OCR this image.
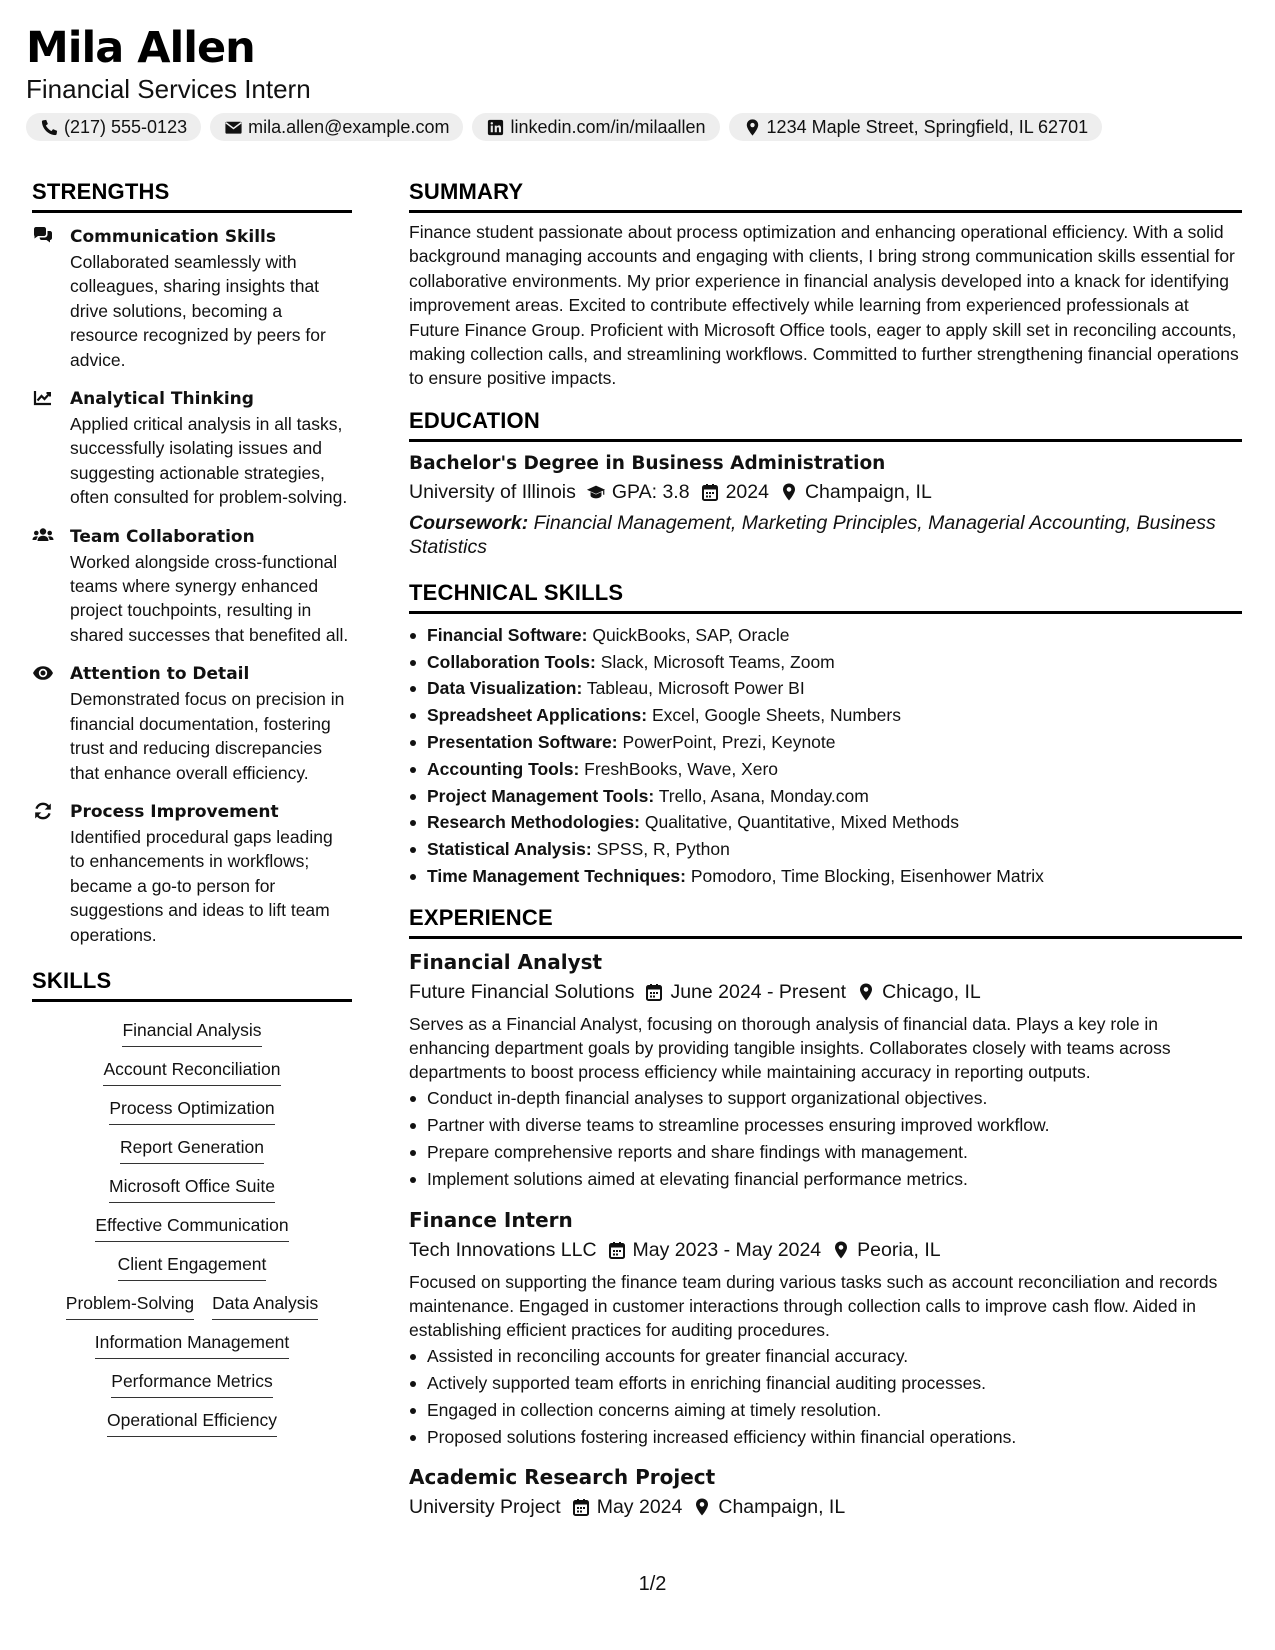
Mila Allen
Financial Services Intern
(217) 555-0123	mila.allen@example.com	linkedin.com/in/milaallen	1234 Maple Street, Springfield, IL 62701
STRENGTHS
Communication Skills
Collaborated seamlessly with colleagues, sharing insights that drive solutions, becoming a resource recognized by peers for advice.
Analytical Thinking
Applied critical analysis in all tasks, successfully isolating issues and suggesting actionable strategies, often consulted for problem-solving.
Team Collaboration
Worked alongside cross-functional teams where synergy enhanced project touchpoints, resulting in shared successes that benefited all.
Attention to Detail
Demonstrated focus on precision in financial documentation, fostering trust and reducing discrepancies that enhance overall efficiency.
Process Improvement
Identified procedural gaps leading to enhancements in workflows; became a go-to person for suggestions and ideas to lift team operations.
SKILLS
Financial Analysis
Account Reconciliation
Process Optimization
Report Generation
Microsoft Office Suite
Effective Communication
Client Engagement
Problem-Solving Data Analysis
Information Management
Performance Metrics
Operational Efficiency
SUMMARY
Finance student passionate about process optimization and enhancing operational efficiency. With a solid background managing accounts and engaging with clients, I bring strong communication skills essential for collaborative environments. My prior experience in financial analysis developed into a knack for identifying improvement areas. Excited to contribute effectively while learning from experienced professionals at Future Finance Group. Proficient with Microsoft Office tools, eager to apply skill set in reconciling accounts, making collection calls, and streamlining workflows. Committed to further strengthening financial operations to ensure positive impacts.
EDUCATION
Bachelor's Degree in Business Administration
University of Illinois GPA: 3.8 2024 Champaign, IL
Coursework: Financial Management, Marketing Principles, Managerial Accounting, Business Statistics
TECHNICAL SKILLS
Financial Software: QuickBooks, SAP, Oracle
Collaboration Tools: Slack, Microsoft Teams, Zoom
Data Visualization: Tableau, Microsoft Power BI
Spreadsheet Applications: Excel, Google Sheets, Numbers
Presentation Software: PowerPoint, Prezi, Keynote
Accounting Tools: FreshBooks, Wave, Xero
Project Management Tools: Trello, Asana, Monday.com
Research Methodologies: Qualitative, Quantitative, Mixed Methods
Statistical Analysis: SPSS, R, Python
Time Management Techniques: Pomodoro, Time Blocking, Eisenhower Matrix
EXPERIENCE
Financial Analyst
Future Financial Solutions June 2024 - Present Chicago, IL
Serves as a Financial Analyst, focusing on thorough analysis of financial data. Plays a key role in enhancing department goals by providing tangible insights. Collaborates closely with teams across departments to boost process efficiency while maintaining accuracy in reporting outputs.
Conduct in-depth financial analyses to support organizational objectives.
Partner with diverse teams to streamline processes ensuring improved workflow.
Prepare comprehensive reports and share findings with management.
Implement solutions aimed at elevating financial performance metrics.
Finance Intern
Tech Innovations LLC May 2023 - May 2024 Peoria, IL
Focused on supporting the finance team during various tasks such as account reconciliation and records maintenance. Engaged in customer interactions through collection calls to improve cash flow. Aided in establishing efficient practices for auditing procedures.
Assisted in reconciling accounts for greater financial accuracy.
Actively supported team efforts in enriching financial auditing processes.
Engaged in collection concerns aiming at timely resolution.
Proposed solutions fostering increased efficiency within financial operations.
Academic Research Project
University Project May 2024 Champaign, IL
1/2
